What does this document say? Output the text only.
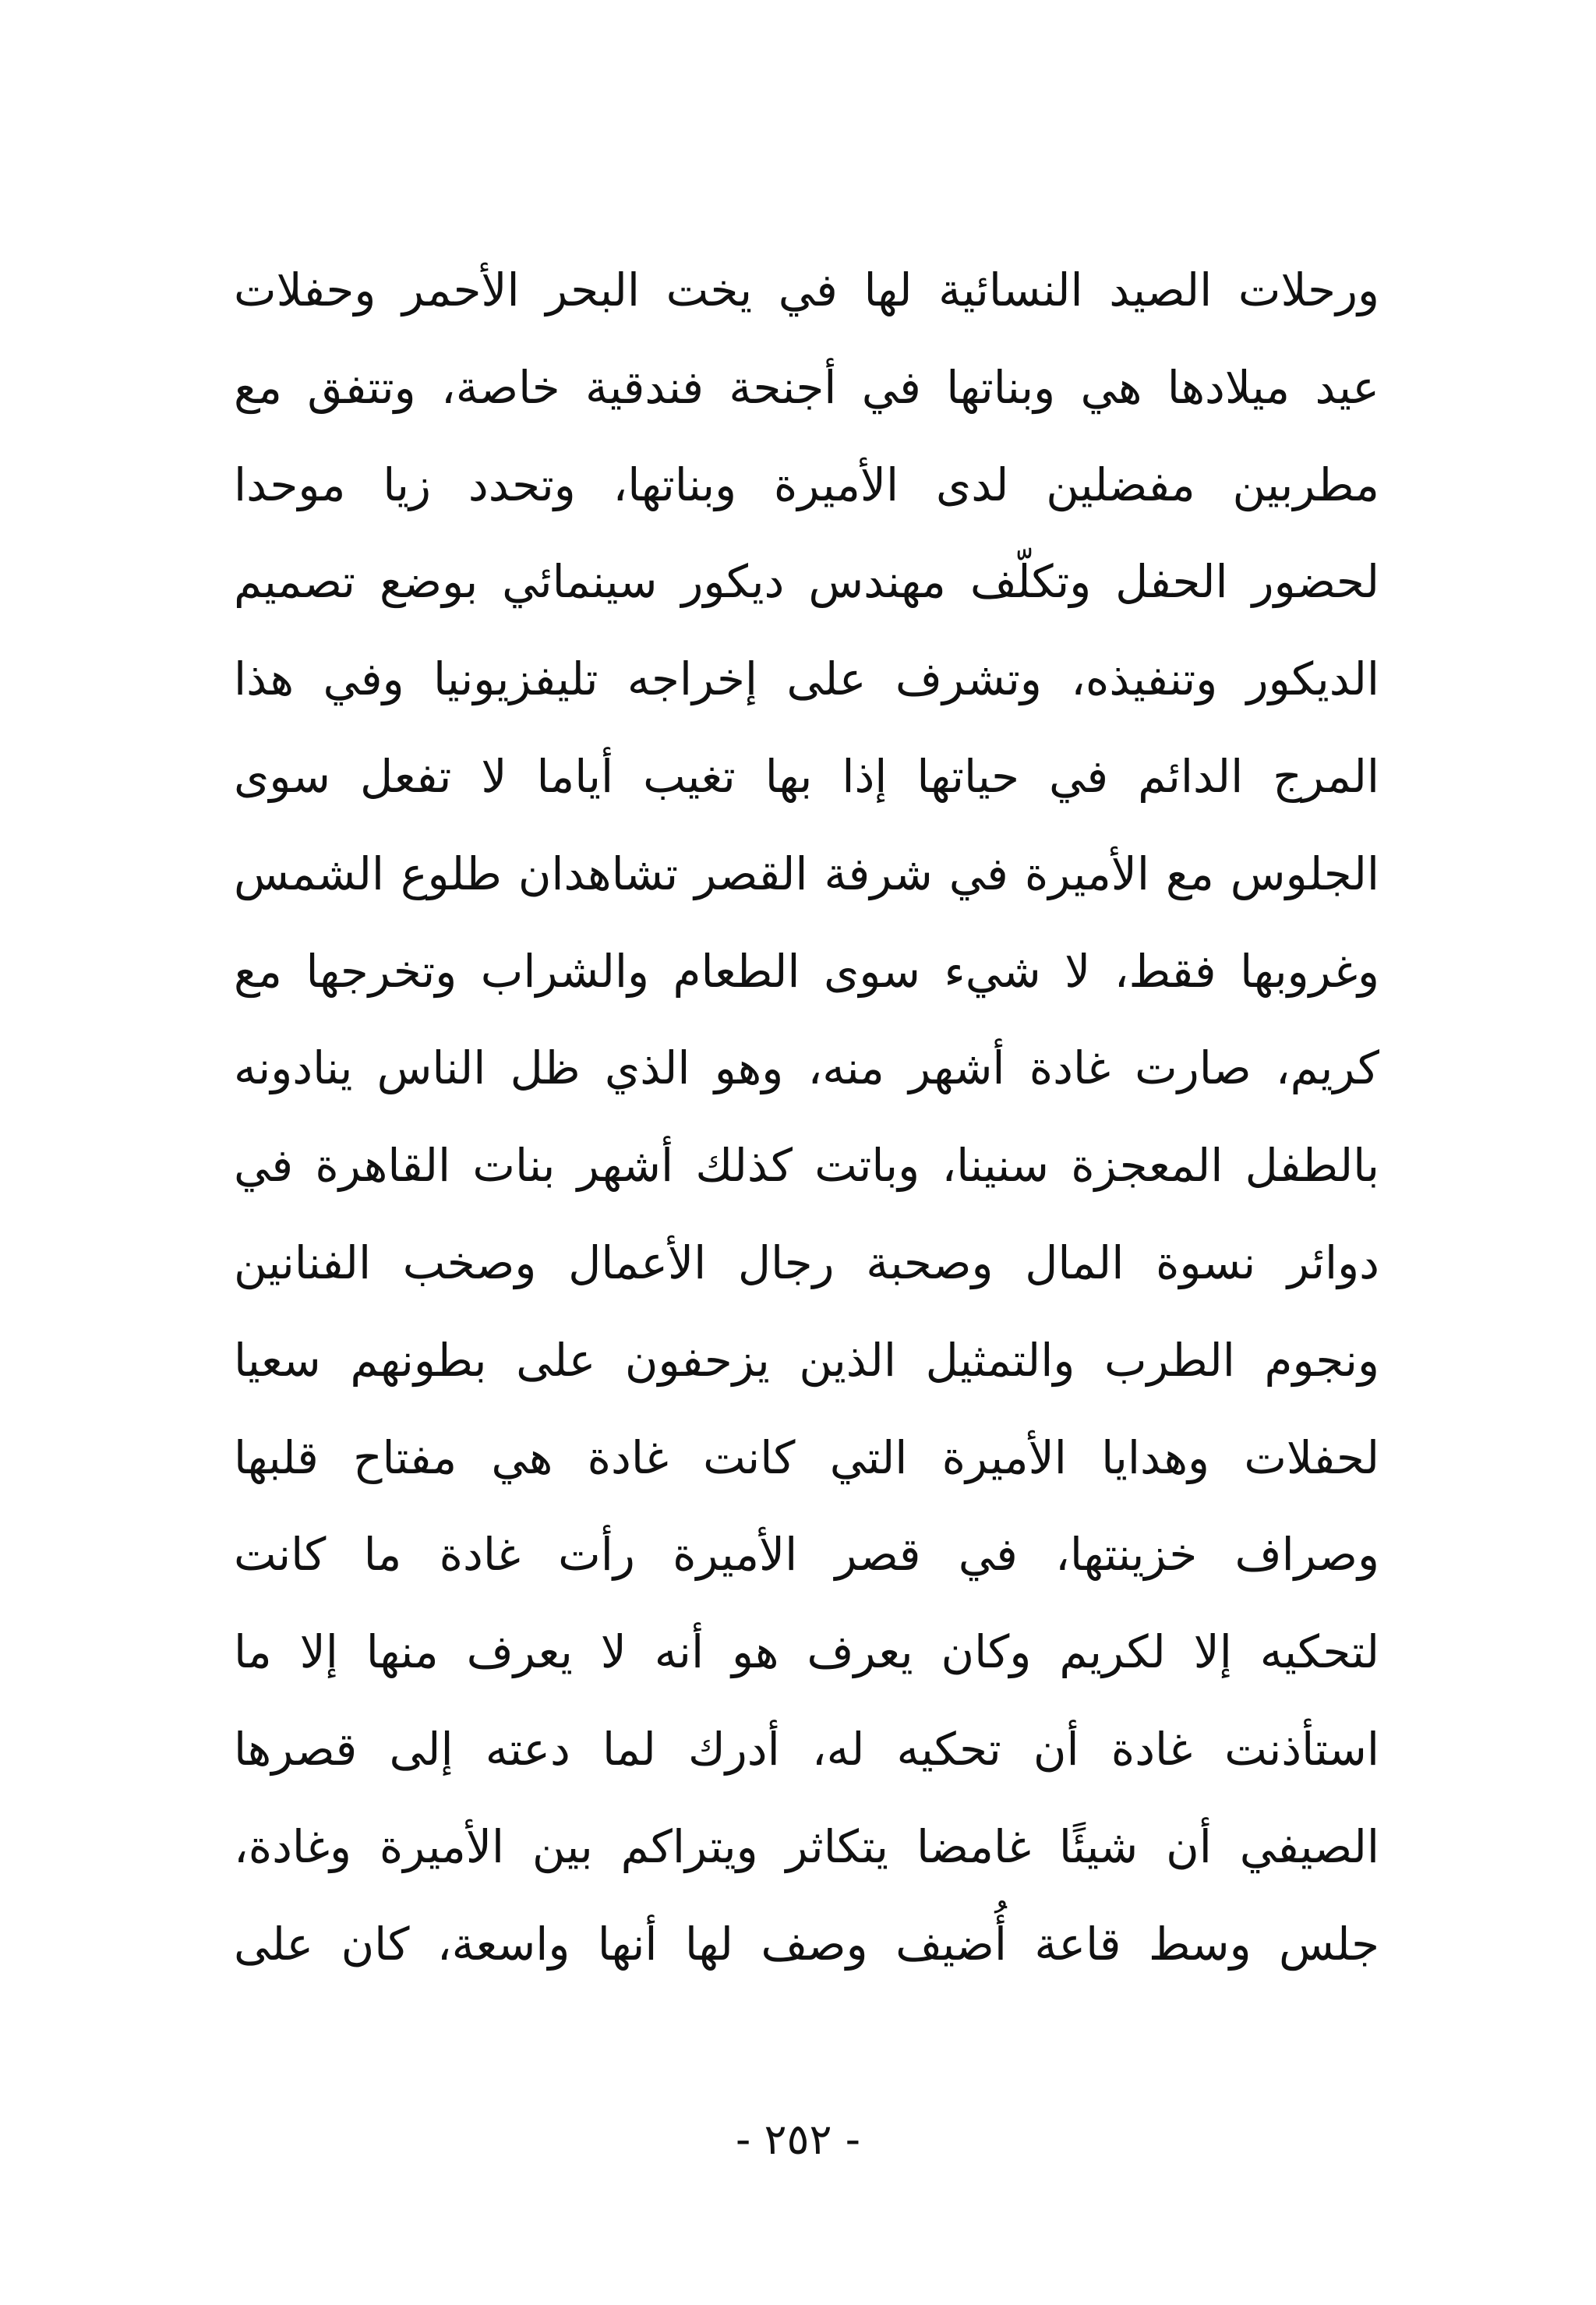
ورحلات الصيد النسائية لها في يخت البحر الأحمر وحفلات
عيد ميلادها هي وبناتها في أجنحة فندقية خاصة، وتتفق مع
مطربين مفضلين لدى الأميرة وبناتها، وتحدد زيا موحدا
لحضور الحفل وتكلّف مهندس ديكور سينمائي بوضع تصميم
الديكور وتنفيذه، وتشرف على إخراجه تليفزيونيا وفي هذا
المرج الدائم في حياتها إذا بها تغيب أياما لا تفعل سوى
الجلوس مع الأميرة في شرفة القصر تشاهدان طلوع الشمس
وغروبها فقط، لا شيء سوى الطعام والشراب وتخرجها مع
كريم، صارت غادة أشهر منه، وهو الذي ظل الناس ينادونه
بالطفل المعجزة سنينا، وباتت كذلك أشهر بنات القاهرة في
دوائر نسوة المال وصحبة رجال الأعمال وصخب الفنانين
ونجوم الطرب والتمثيل الذين يزحفون على بطونهم سعيا
لحفلات وهدايا الأميرة التي كانت غادة هي مفتاح قلبها
وصراف خزينتها، في قصر الأميرة رأت غادة ما كانت
لتحكيه إلا لكريم وكان يعرف هو أنه لا يعرف منها إلا ما
استأذنت غادة أن تحكيه له، أدرك لما دعته إلى قصرها
الصيفي أن شيئًا غامضا يتكاثر ويتراكم بين الأميرة وغادة،
جلس وسط قاعة أُضيف وصف لها أنها واسعة، كان على
- ٢٥٢ -
